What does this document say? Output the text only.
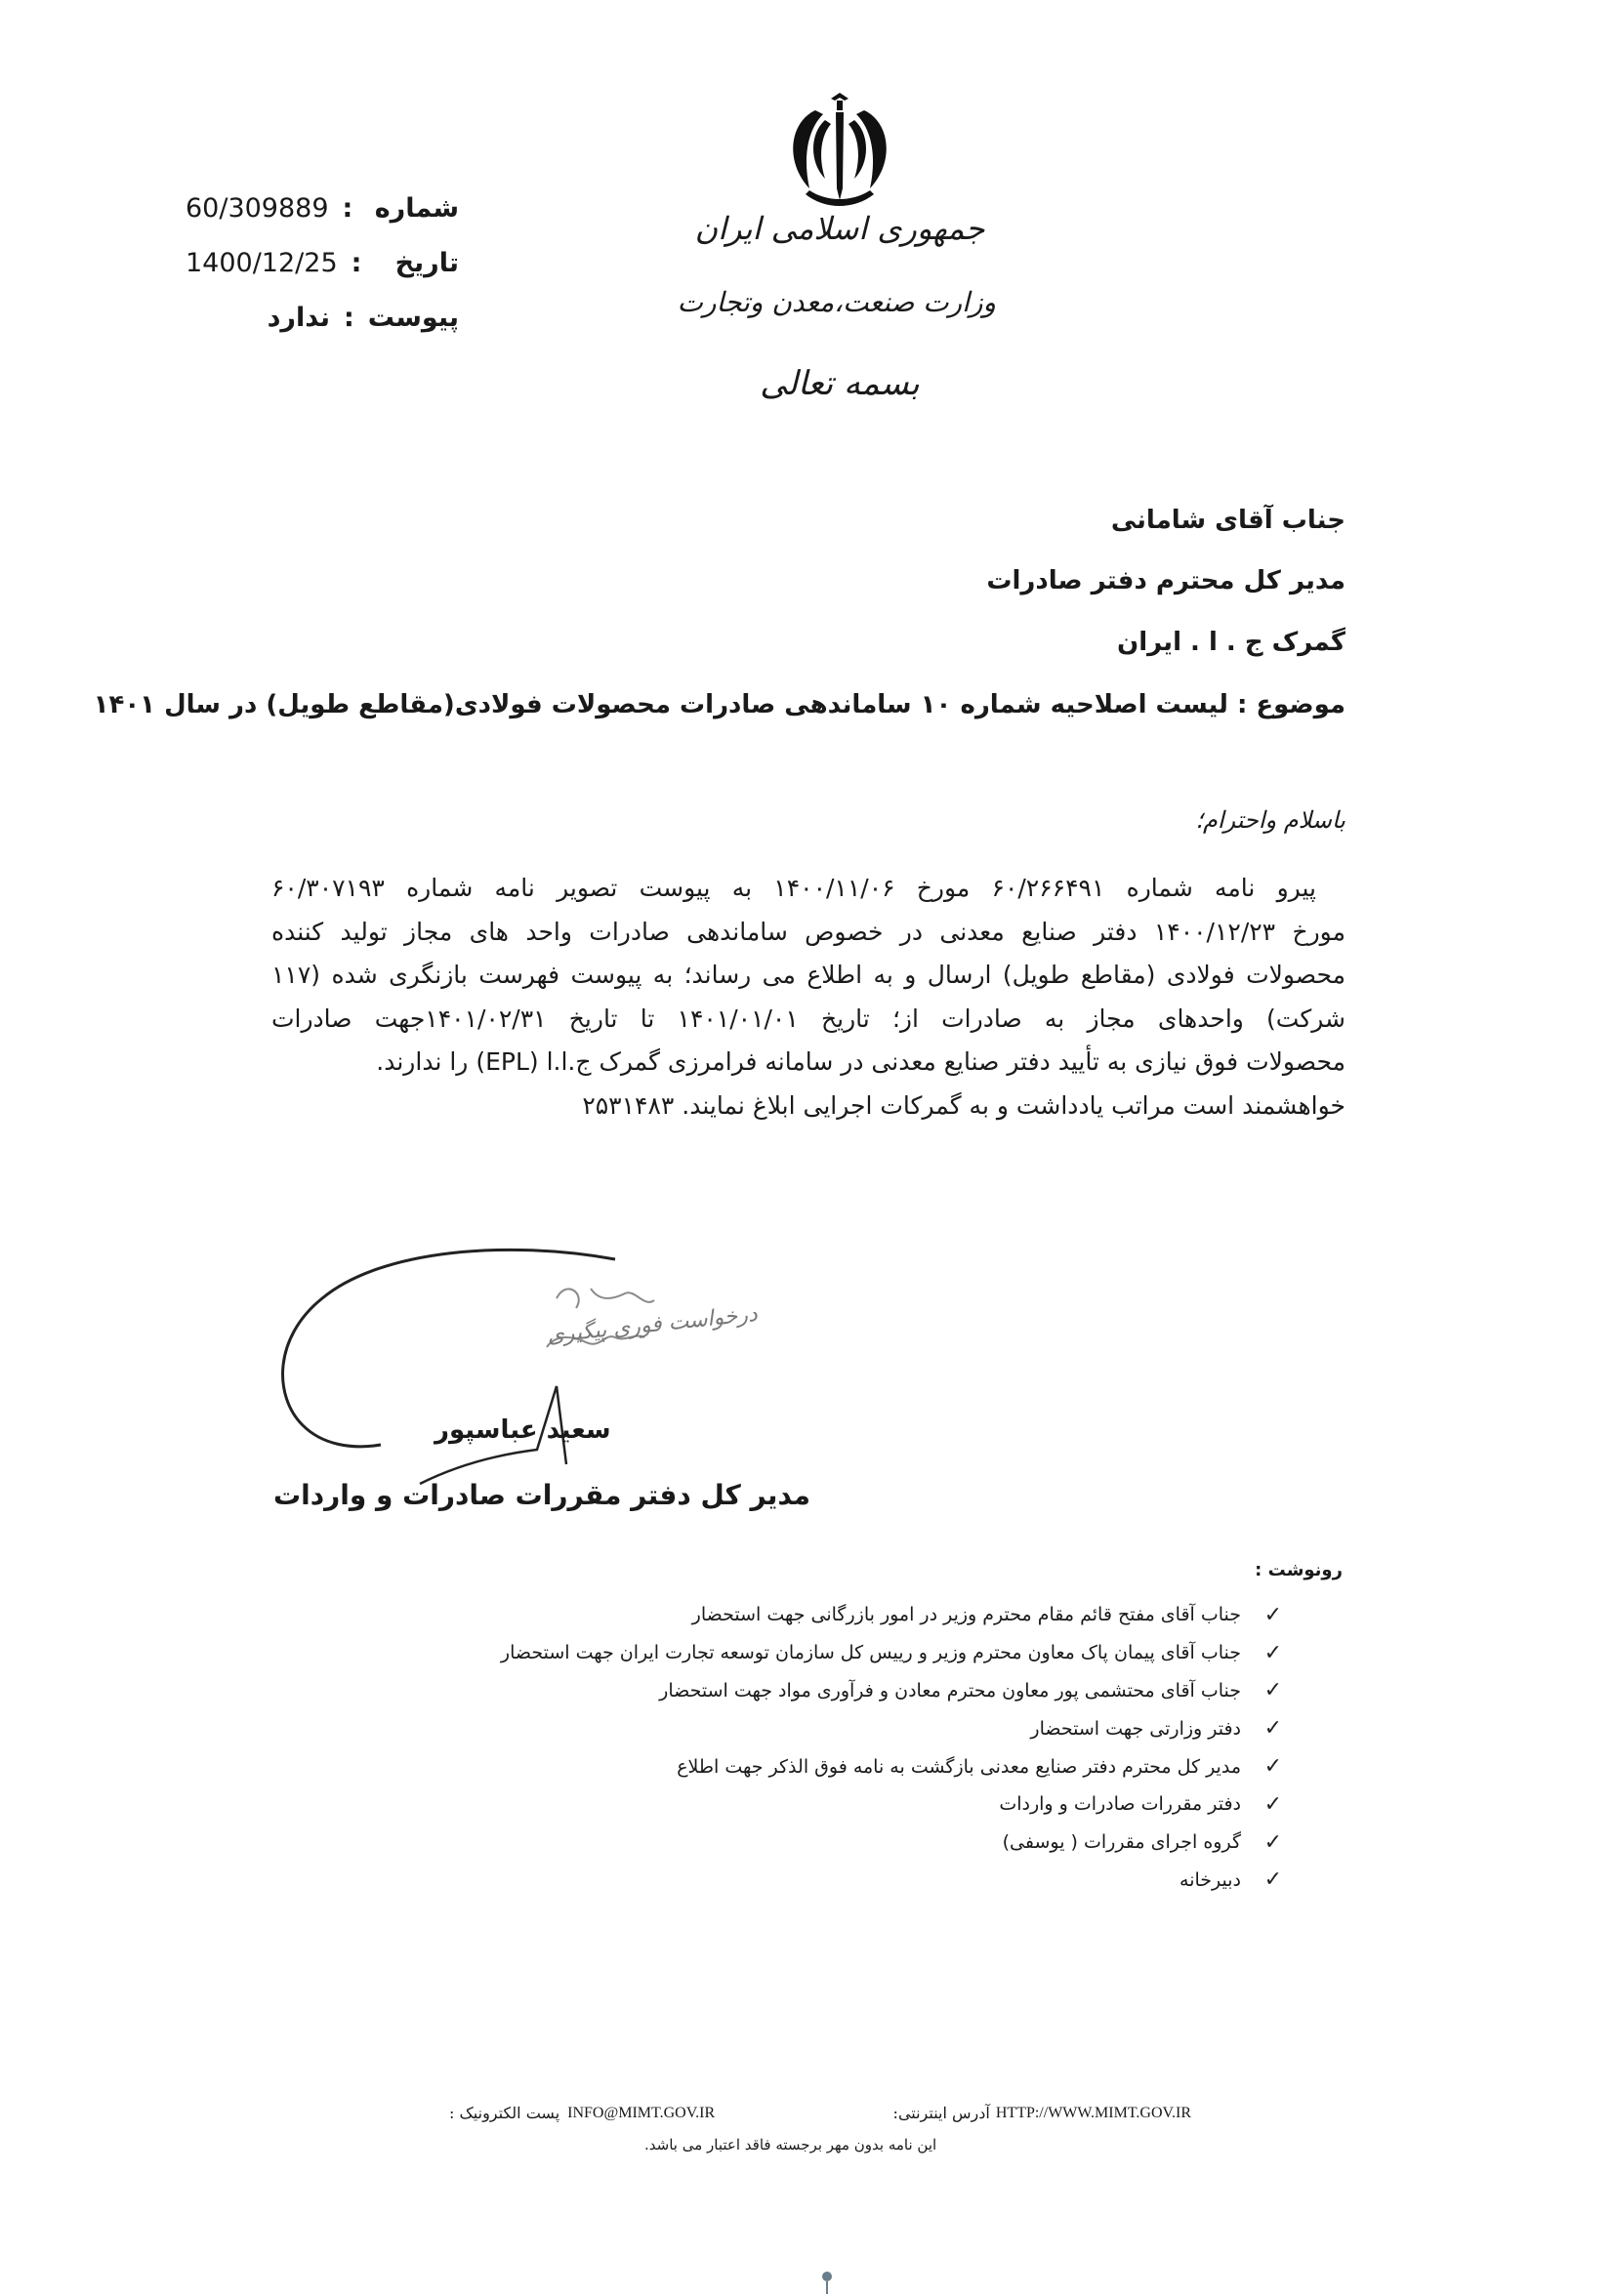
60/309889 : شماره
1400/12/25 :	تاریخ
ندارد : پیوست
جمهوری اسلامی ایران
وزارت صنعت،معدن وتجارت
بسمه تعالی
جناب آقای شامانی
مدیر کل محترم دفتر صادرات
گمرک ج . ا . ایران
موضوع : لیست اصلاحیه شماره ۱۰ ساماندهی صادرات محصولات فولادی(مقاطع طویل) در سال ۱۴۰۱
باسلام واحترام؛
پیرو نامه شماره ۶۰/۲۶۶۴۹۱ مورخ ۱۴۰۰/۱۱/۰۶ به پیوست تصویر نامه شماره ۶۰/۳۰۷۱۹۳
مورخ ۱۴۰۰/۱۲/۲۳ دفتر صنایع معدنی در خصوص ساماندهی صادرات واحد های مجاز تولید کننده
محصولات فولادی (مقاطع طویل) ارسال و به اطلاع می رساند؛ به پیوست فهرست بازنگری شده (۱۱۷
شرکت) واحدهای مجاز به صادرات از؛ تاریخ ۱۴۰۱/۰۱/۰۱ تا تاریخ ۱۴۰۱/۰۲/۳۱جهت صادرات
محصولات فوق نیازی به تأیید دفتر صنایع معدنی در سامانه فرامرزی گمرک ج.ا.ا (EPL) را ندارند.
خواهشمند است مراتب یادداشت و به گمرکات اجرایی ابلاغ نمایند. ۲۵۳۱۴۸۳
درخواست فوری پیگیری
سعید عباسپور
مدیر کل دفتر مقررات صادرات و واردات
رونوشت :
✓
جناب آقای مفتح قائم مقام محترم وزیر در امور بازرگانی جهت استحضار
✓
جناب آقای پیمان پاک معاون محترم وزیر و رییس کل سازمان توسعه تجارت ایران جهت استحضار
✓
جناب آقای محتشمی پور معاون محترم معادن و فرآوری مواد جهت استحضار
✓
دفتر وزارتی جهت استحضار
✓
مدیر کل محترم دفتر صنایع معدنی بازگشت به نامه فوق الذکر جهت اطلاع
✓
دفتر مقررات صادرات و واردات
✓
گروه اجرای مقررات ( یوسفی)
✓
دبیرخانه
پست الکترونیک : INFO@MIMT.GOV.IR	آدرس اینترنتی: HTTP://WWW.MIMT.GOV.IR
این نامه بدون مهر برجسته فاقد اعتبار می باشد.
